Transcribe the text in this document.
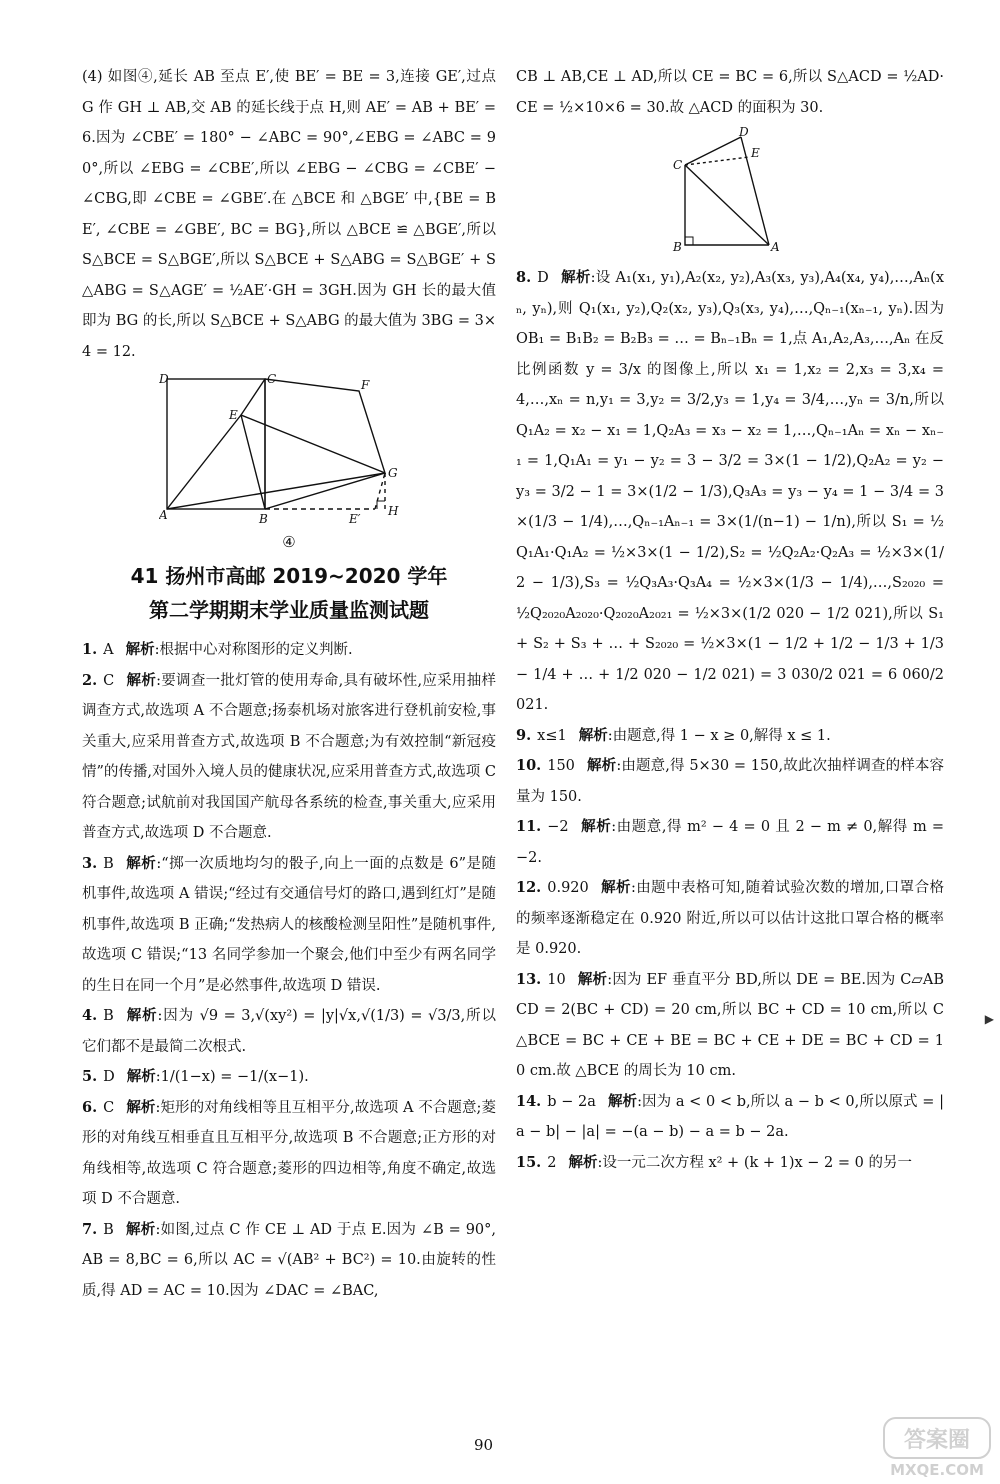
(4) 如图④,延长 AB 至点 E′,使 BE′ = BE = 3,连接 GE′,过点 G 作 GH ⊥ AB,交 AB 的延长线于点 H,则 AE′ = AB + BE′ = 6.因为 ∠CBE′ = 180° − ∠ABC = 90°,∠EBG = ∠ABC = 90°,所以 ∠EBG = ∠CBE′,所以 ∠EBG − ∠CBG = ∠CBE′ − ∠CBG,即 ∠CBE = ∠GBE′.在 △BCE 和 △BGE′ 中,{BE = BE′, ∠CBE = ∠GBE′, BC = BG},所以 △BCE ≌ △BGE′,所以 S△BCE = S△BGE′,所以 S△BCE + S△ABG = S△BGE′ + S△ABG = S△AGE′ = ½AE′·GH = 3GH.因为 GH 长的最大值即为 BG 的长,所以 S△BCE + S△ABG 的最大值为 3BG = 3×4 = 12.

D	C	F
E
G
A	B	E′
H

④

41 扬州市高邮 2019~2020 学年

第二学期期末学业质量监测试题

1. A 解析:根据中心对称图形的定义判断.

2. C 解析:要调查一批灯管的使用寿命,具有破坏性,应采用抽样调查方式,故选项 A 不合题意;扬泰机场对旅客进行登机前安检,事关重大,应采用普查方式,故选项 B 不合题意;为有效控制“新冠疫情”的传播,对国外入境人员的健康状况,应采用普查方式,故选项 C 符合题意;试航前对我国国产航母各系统的检查,事关重大,应采用普查方式,故选项 D 不合题意.

3. B 解析:“掷一次质地均匀的骰子,向上一面的点数是 6”是随机事件,故选项 A 错误;“经过有交通信号灯的路口,遇到红灯”是随机事件,故选项 B 正确;“发热病人的核酸检测呈阳性”是随机事件,故选项 C 错误;“13 名同学参加一个聚会,他们中至少有两名同学的生日在同一个月”是必然事件,故选项 D 错误.

4. B 解析:因为 √9 = 3,√(xy²) = |y|√x,√(1/3) = √3/3,所以它们都不是最简二次根式.

5. D 解析:1/(1−x) = −1/(x−1).

6. C 解析:矩形的对角线相等且互相平分,故选项 A 不合题意;菱形的对角线互相垂直且互相平分,故选项 B 不合题意;正方形的对角线相等,故选项 C 符合题意;菱形的四边相等,角度不确定,故选项 D 不合题意.

7. B 解析:如图,过点 C 作 CE ⊥ AD 于点 E.因为 ∠B = 90°,AB = 8,BC = 6,所以 AC = √(AB² + BC²) = 10.由旋转的性质,得 AD = AC = 10.因为 ∠DAC = ∠BAC,

CB ⊥ AB,CE ⊥ AD,所以 CE = BC = 6,所以 S△ACD = ½AD·CE = ½×10×6 = 30.故 △ACD 的面积为 30.

D
E
C
B	A

8. D 解析:设 A₁(x₁, y₁),A₂(x₂, y₂),A₃(x₃, y₃),A₄(x₄, y₄),…,Aₙ(xₙ, yₙ),则 Q₁(x₁, y₂),Q₂(x₂, y₃),Q₃(x₃, y₄),…,Qₙ₋₁(xₙ₋₁, yₙ).因为 OB₁ = B₁B₂ = B₂B₃ = … = Bₙ₋₁Bₙ = 1,点 A₁,A₂,A₃,…,Aₙ 在反比例函数 y = 3/x 的图像上,所以 x₁ = 1,x₂ = 2,x₃ = 3,x₄ = 4,…,xₙ = n,y₁ = 3,y₂ = 3/2,y₃ = 1,y₄ = 3/4,…,yₙ = 3/n,所以 Q₁A₂ = x₂ − x₁ = 1,Q₂A₃ = x₃ − x₂ = 1,…,Qₙ₋₁Aₙ = xₙ − xₙ₋₁ = 1,Q₁A₁ = y₁ − y₂ = 3 − 3/2 = 3×(1 − 1/2),Q₂A₂ = y₂ − y₃ = 3/2 − 1 = 3×(1/2 − 1/3),Q₃A₃ = y₃ − y₄ = 1 − 3/4 = 3×(1/3 − 1/4),…,Qₙ₋₁Aₙ₋₁ = 3×(1/(n−1) − 1/n),所以 S₁ = ½Q₁A₁·Q₁A₂ = ½×3×(1 − 1/2),S₂ = ½Q₂A₂·Q₂A₃ = ½×3×(1/2 − 1/3),S₃ = ½Q₃A₃·Q₃A₄ = ½×3×(1/3 − 1/4),…,S₂₀₂₀ = ½Q₂₀₂₀A₂₀₂₀·Q₂₀₂₀A₂₀₂₁ = ½×3×(1/2 020 − 1/2 021),所以 S₁ + S₂ + S₃ + … + S₂₀₂₀ = ½×3×(1 − 1/2 + 1/2 − 1/3 + 1/3 − 1/4 + … + 1/2 020 − 1/2 021) = 3 030/2 021 = 6 060/2 021.

9. x≤1 解析:由题意,得 1 − x ≥ 0,解得 x ≤ 1.

10. 150 解析:由题意,得 5×30 = 150,故此次抽样调查的样本容量为 150.

11. −2 解析:由题意,得 m² − 4 = 0 且 2 − m ≠ 0,解得 m = −2.

12. 0.920 解析:由题中表格可知,随着试验次数的增加,口罩合格的频率逐渐稳定在 0.920 附近,所以可以估计这批口罩合格的概率是 0.920.

13. 10 解析:因为 EF 垂直平分 BD,所以 DE = BE.因为 C▱ABCD = 2(BC + CD) = 20 cm,所以 BC + CD = 10 cm,所以 C△BCE = BC + CE + BE = BC + CE + DE = BC + CD = 10 cm.故 △BCE 的周长为 10 cm.

14. b − 2a 解析:因为 a < 0 < b,所以 a − b < 0,所以原式 = |a − b| − |a| = −(a − b) − a = b − 2a.

15. 2 解析:设一元二次方程 x² + (k + 1)x − 2 = 0 的另一

▶
90	答案圈
MXQE.COM
